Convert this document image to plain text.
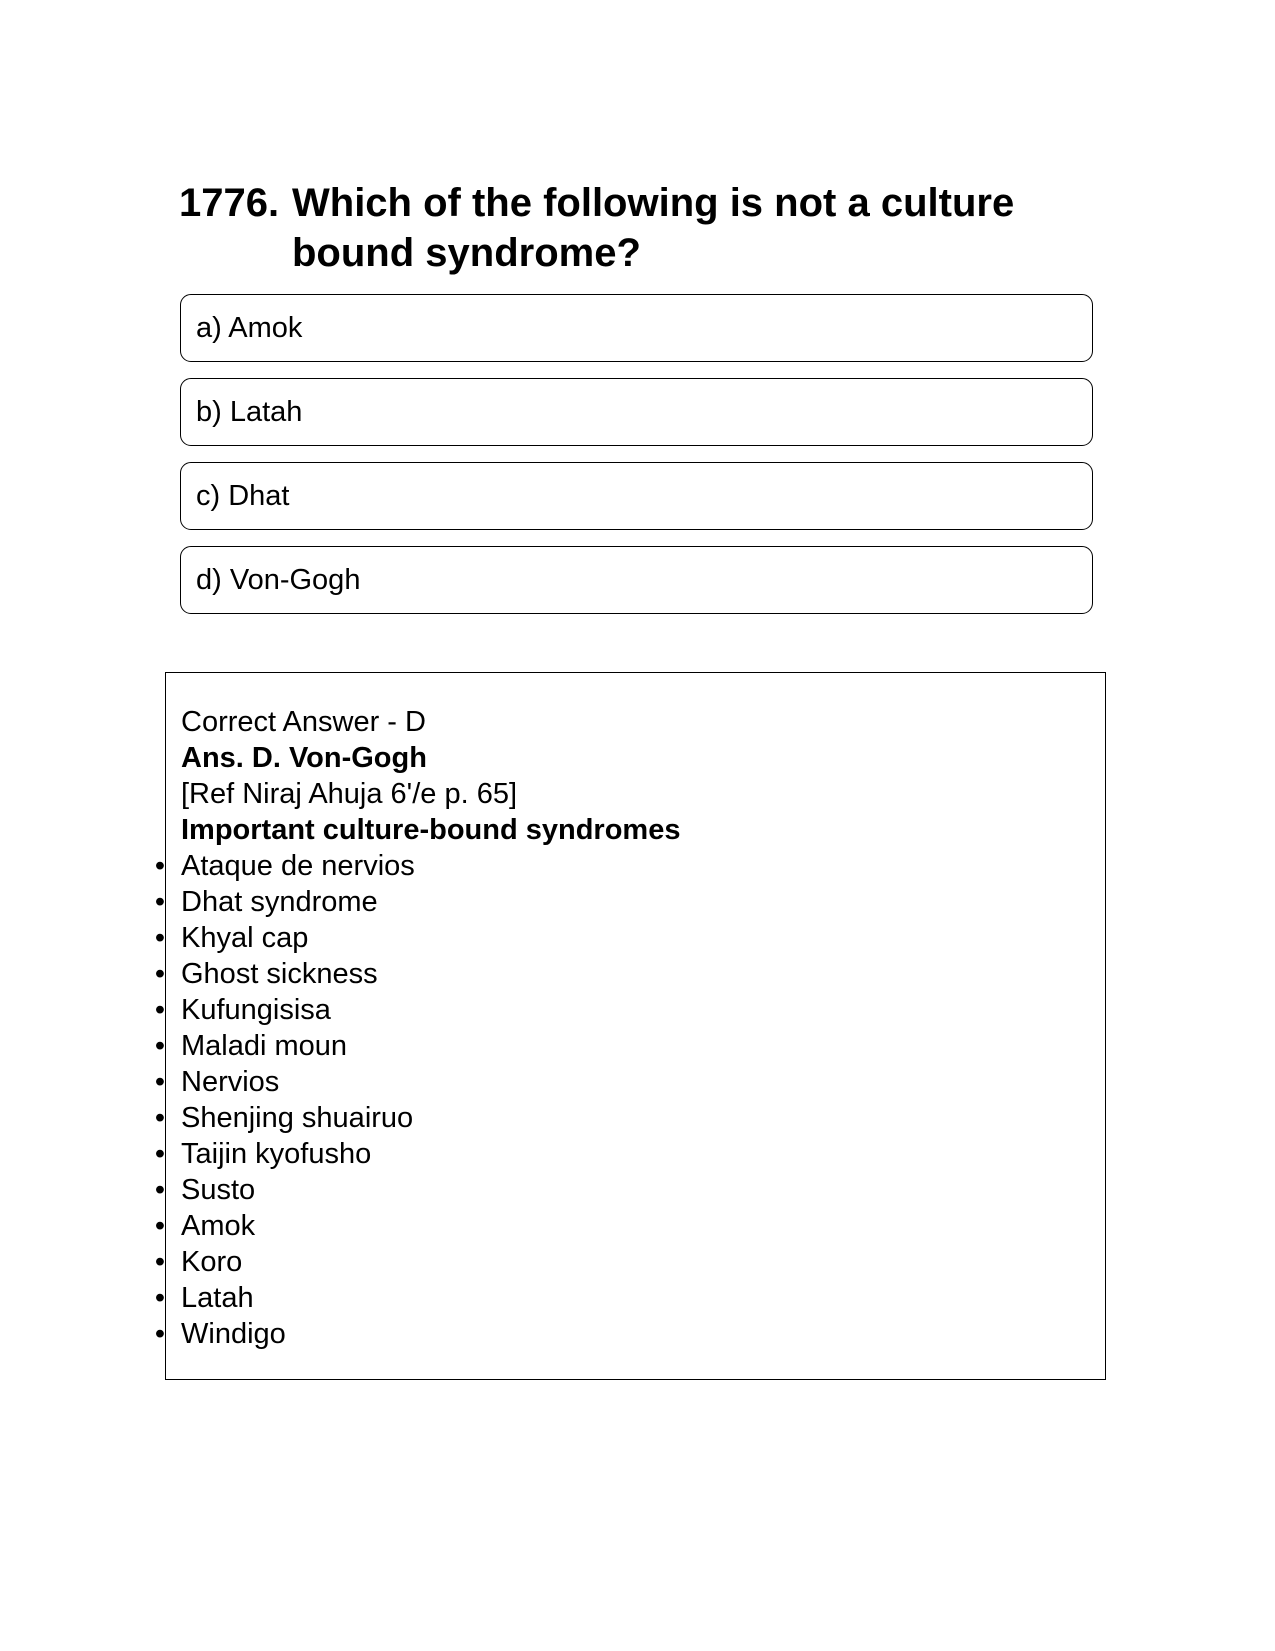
1776. Which of the following is not a culture bound syndrome?
a) Amok
b) Latah
c) Dhat
d) Von-Gogh
Correct Answer - D
Ans. D. Von-Gogh
[Ref Niraj Ahuja 6'/e p. 65]
Important culture-bound syndromes
• Ataque de nervios
• Dhat syndrome
• Khyal cap
• Ghost sickness
• Kufungisisa
• Maladi moun
• Nervios
• Shenjing shuairuo
• Taijin kyofusho
• Susto
• Amok
• Koro
• Latah
• Windigo
